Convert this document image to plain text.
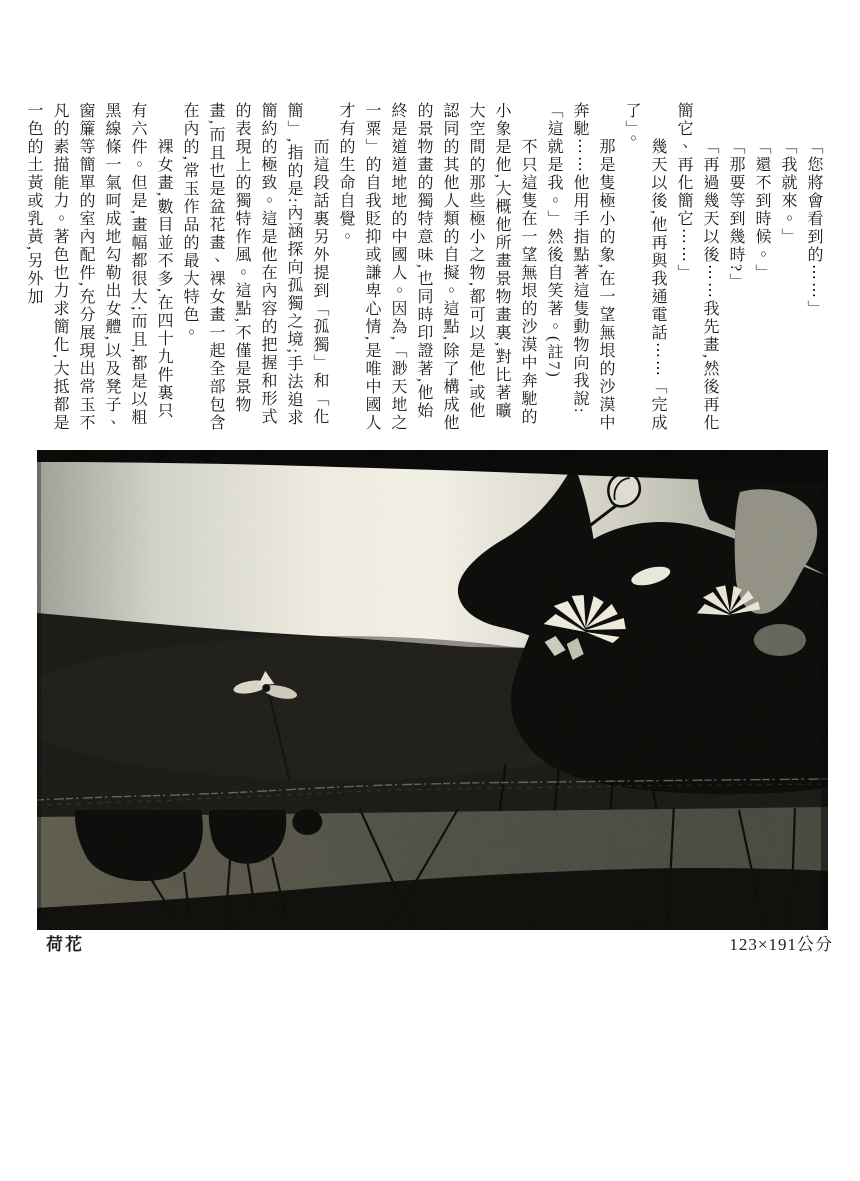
「您將會看到的⋯⋯」

「我就來。」

「還不到時候。」

「那要等到幾時?」

「再過幾天以後⋯⋯我先畫,然後再化簡它、再化簡它⋯⋯」

幾天以後,他再與我通電話⋯⋯「完成了」。

那是隻極小的象,在一望無垠的沙漠中奔馳⋯⋯他用手指點著這隻動物向我說:「這就是我。」然後自笑著。(註7)

不只這隻在一望無垠的沙漠中奔馳的小象是他,大概他所畫景物畫裏,對比著曠大空間的那些極小之物,都可以是他,或他認同的其他人類的自擬。這點,除了構成他的景物畫的獨特意味,也同時印證著,他始終是道道地地的中國人。因為,「渺天地之一粟」的自我貶抑或謙卑心情,是唯中國人才有的生命自覺。

而這段話裏另外提到「孤獨」和「化簡」,指的是:內涵探向孤獨之境;手法追求簡約的極致。這是他在內容的把握和形式的表現上的獨特作風。這點,不僅是景物畫,而且也是盆花畫、裸女畫一起全部包含在內的,常玉作品的最大特色。

裸女畫,數目並不多,在四十九件裏只有六件。但是,畫幅都很大;而且,都是以粗黑線條一氣呵成地勾勒出女體,以及凳子、窗簾等簡單的室內配件,充分展現出常玉不凡的素描能力。著色也力求簡化,大抵都是一色的土黃或乳黃,另外加

荷花	123×191公分
